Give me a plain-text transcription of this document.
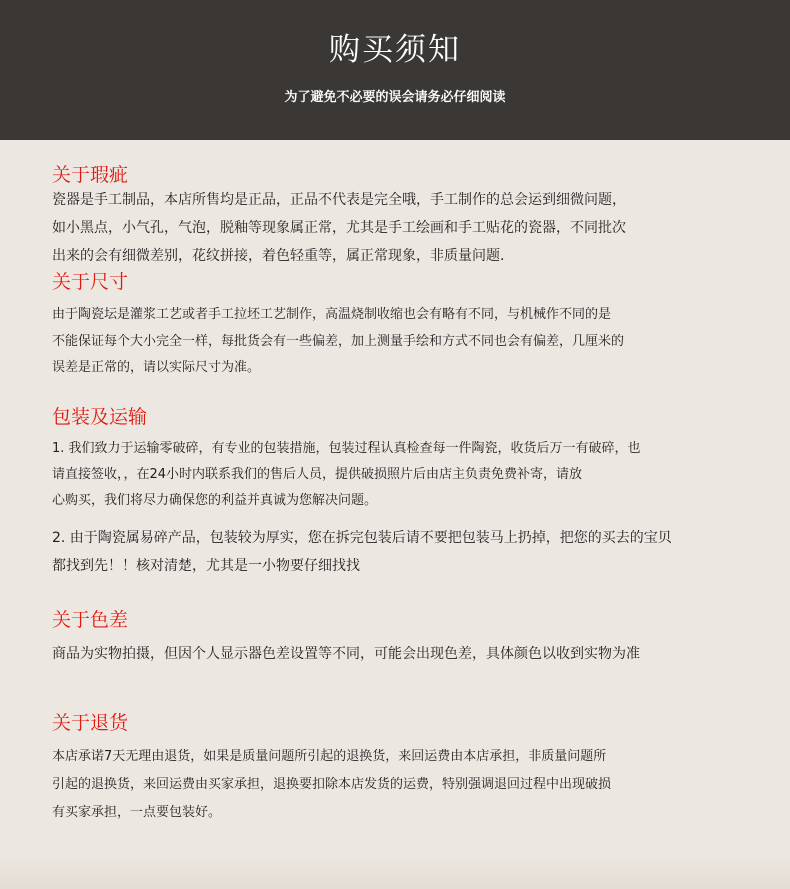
购买须知
为了避免不必要的误会请务必仔细阅读
关于瑕疵
瓷器是手工制品，本店所售均是正品，正品不代表是完全哦，手工制作的总会运到细微问题，
如小黑点，小气孔，气泡，脱釉等现象属正常，尤其是手工绘画和手工贴花的瓷器，不同批次
出来的会有细微差别，花纹拼接，着色轻重等，属正常现象，非质量问题.
关于尺寸
由于陶瓷坛是灌浆工艺或者手工拉坯工艺制作，高温烧制收缩也会有略有不同，与机械作不同的是
不能保证每个大小完全一样，每批货会有一些偏差，加上测量手绘和方式不同也会有偏差，几厘米的
误差是正常的，请以实际尺寸为准。
包装及运输
1. 我们致力于运输零破碎，有专业的包装措施，包装过程认真检查每一件陶瓷，收货后万一有破碎，也
请直接签收，，在24小时内联系我们的售后人员，提供破损照片后由店主负责免费补寄，请放
心购买，我们将尽力确保您的利益并真诚为您解决问题。
2. 由于陶瓷属易碎产品，包装较为厚实，您在拆完包装后请不要把包装马上扔掉，把您的买去的宝贝
都找到先！！核对清楚，尤其是一小物要仔细找找
关于色差
商品为实物拍摄，但因个人显示器色差设置等不同，可能会出现色差，具体颜色以收到实物为准
关于退货
本店承诺7天无理由退货，如果是质量问题所引起的退换货，来回运费由本店承担，非质量问题所
引起的退换货，来回运费由买家承担，退换要扣除本店发货的运费，特别强调退回过程中出现破损
有买家承担，一点要包装好。
